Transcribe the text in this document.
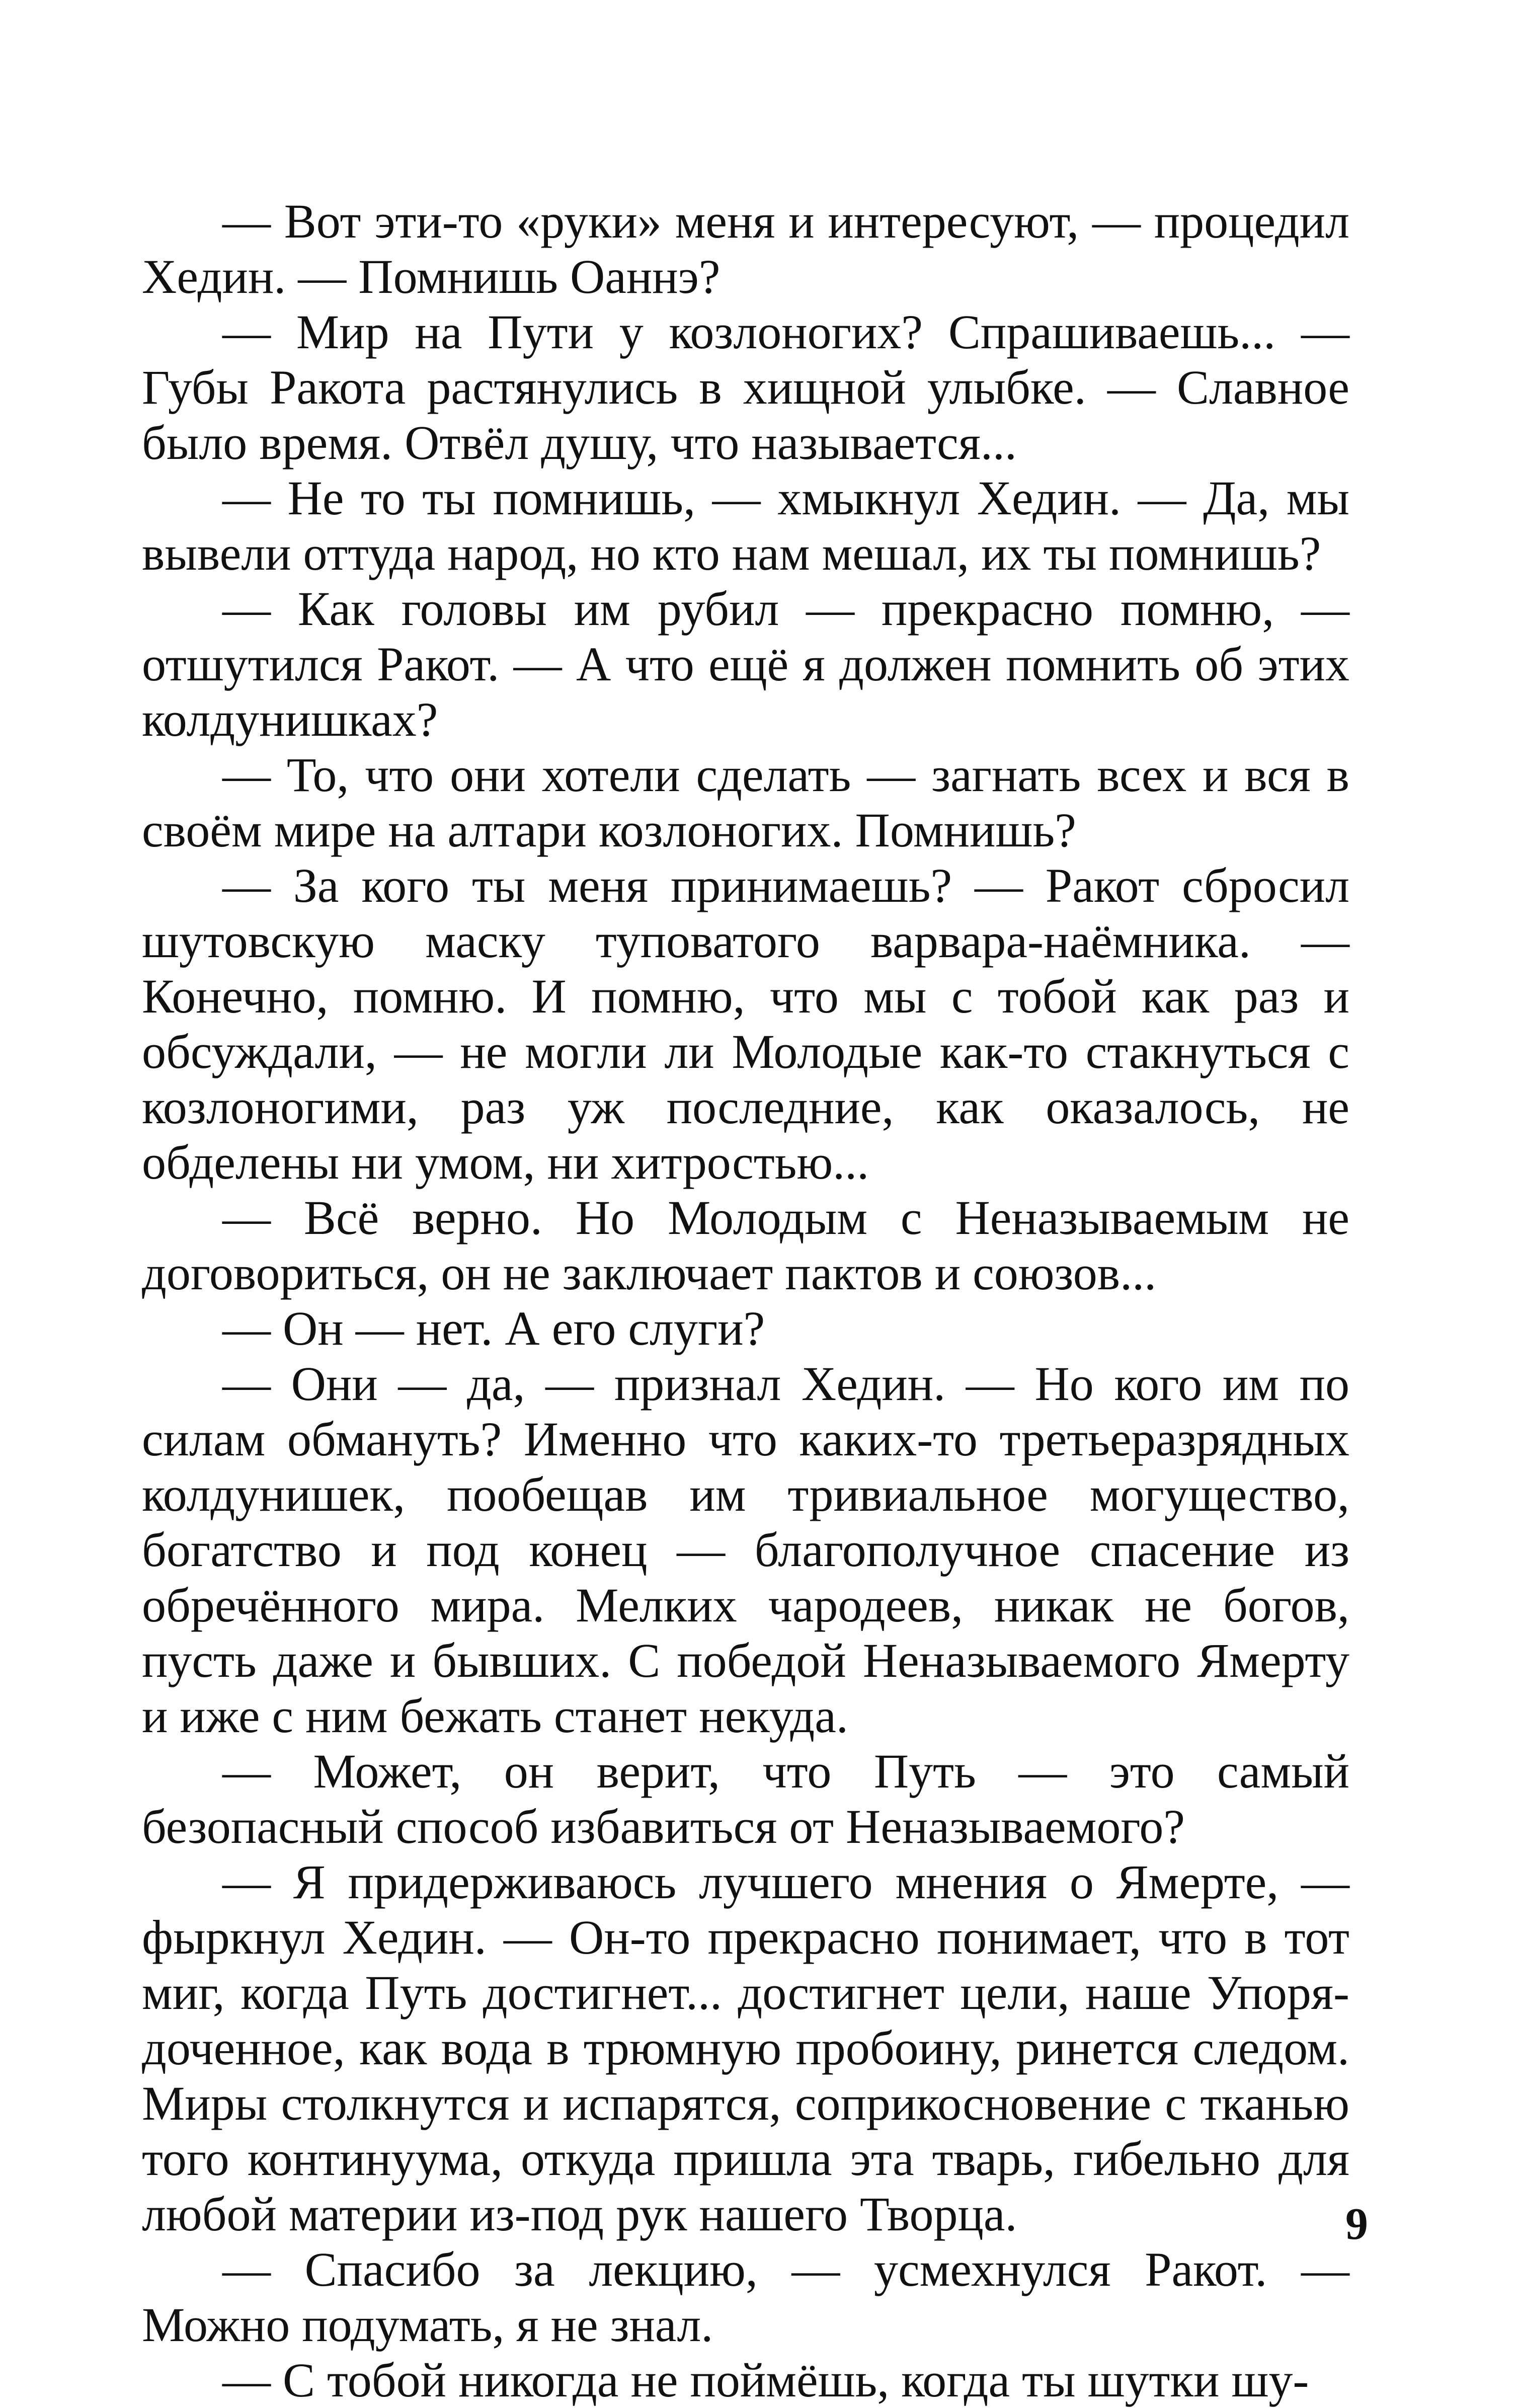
— Вот эти-то «руки» меня и интересуют, — процедил Хедин. — Помнишь Оаннэ?

— Мир на Пути у козлоногих? Спрашиваешь... — Губы Ракота растянулись в хищной улыбке. — Славное было время. Отвёл душу, что называется...

— Не то ты помнишь, — хмыкнул Хедин. — Да, мы вывели оттуда народ, но кто нам мешал, их ты помнишь?

— Как головы им рубил — прекрасно помню, — отшутился Ракот. — А что ещё я должен помнить об этих колдунишках?

— То, что они хотели сделать — загнать всех и вся в своём мире на алтари козлоногих. Помнишь?

— За кого ты меня принимаешь? — Ракот сбросил шутовскую маску туповатого варвара-наёмника. — Конечно, помню. И помню, что мы с тобой как раз и обсуждали, — не могли ли Молодые как-то стакнуться с козлоногими, раз уж последние, как оказалось, не обделены ни умом, ни хитростью...

— Всё верно. Но Молодым с Неназываемым не договориться, он не заключает пактов и союзов...

— Он — нет. А его слуги?

— Они — да, — признал Хедин. — Но кого им по силам обмануть? Именно что каких-то третьеразрядных колдунишек, пообещав им тривиальное могущество, богатство и под конец — благополучное спасение из обречённого мира. Мелких чародеев, никак не богов, пусть даже и бывших. С победой Неназываемого Ямерту и иже с ним бежать станет некуда.

— Может, он верит, что Путь — это самый безопасный способ избавиться от Неназываемого?

— Я придерживаюсь лучшего мнения о Ямерте, — фыркнул Хедин. — Он-то прекрасно понимает, что в тот миг, когда Путь достигнет... достигнет цели, наше Упорядоченное, как вода в трюмную пробоину, ринется следом. Миры столкнутся и испарятся, соприкосновение с тканью того континуума, откуда пришла эта тварь, гибельно для любой материи из-под рук нашего Творца.

— Спасибо за лекцию, — усмехнулся Ракот. — Можно подумать, я не знал.

— С тобой никогда не поймёшь, когда ты шутки шу-

9
